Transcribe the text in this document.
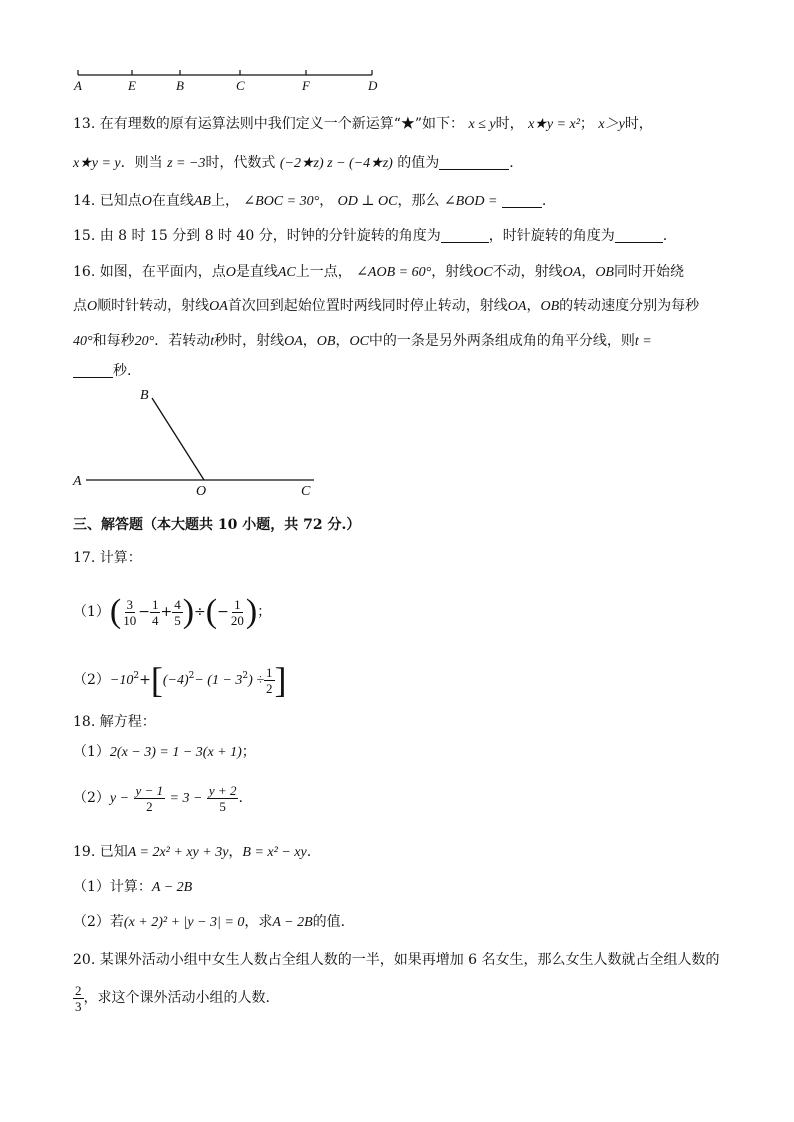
A	E	B	C	F	D
13. 在有理数的原有运算法则中我们定义一个新运算“★”如下： x ≤ y时， x★y = x²； x＞y时，
x★y = y．则当 z = −3时，代数式 (−2★z) z − (−4★z) 的值为	.
14. 已知点O在直线AB上， ∠BOC = 30°， OD ⊥ OC，那么 ∠BOD =	.
15. 由 8 时 15 分到 8 时 40 分，时钟的分针旋转的角度为	，时针旋转的角度为	.
16. 如图，在平面内，点O是直线AC上一点， ∠AOB = 60°，射线OC不动，射线OA，OB同时开始绕
点O顺时针转动，射线OA首次回到起始位置时两线同时停止转动，射线OA，OB的转动速度分别为每秒
40°和每秒20°．若转动t秒时，射线OA，OB，OC中的一条是另外两条组成角的角平分线，则t =
秒.
B
A
O	C
三、解答题（本大题共 10 小题，共 72 分.）
17. 计算：
$(1)( \frac{3}{10} - \frac{1}{4} + \frac{4}{5}$ )÷(− $\frac{1}{20}$ )；
$(2)-10^2+[(-4)^2- (1 - 3^2) \div \frac{1}{2}$ ]
18. 解方程：
（1）2(x − 3) = 1 − 3(x + 1)；
$(2)y - \frac{y - 1}{2} = 3 - \frac{y + 2}{5}$ .
19. 已知A = 2x² + xy + 3y，B = x² − xy.
（1）计算：A − 2B
（2）若(x + 2)² + |y − 3| = 0，求A − 2B的值.
20. 某课外活动小组中女生人数占全组人数的一半，如果再增加 6 名女生，那么女生人数就占全组人数的
$\frac{2}{3}$ ，求这个课外活动小组的人数.
